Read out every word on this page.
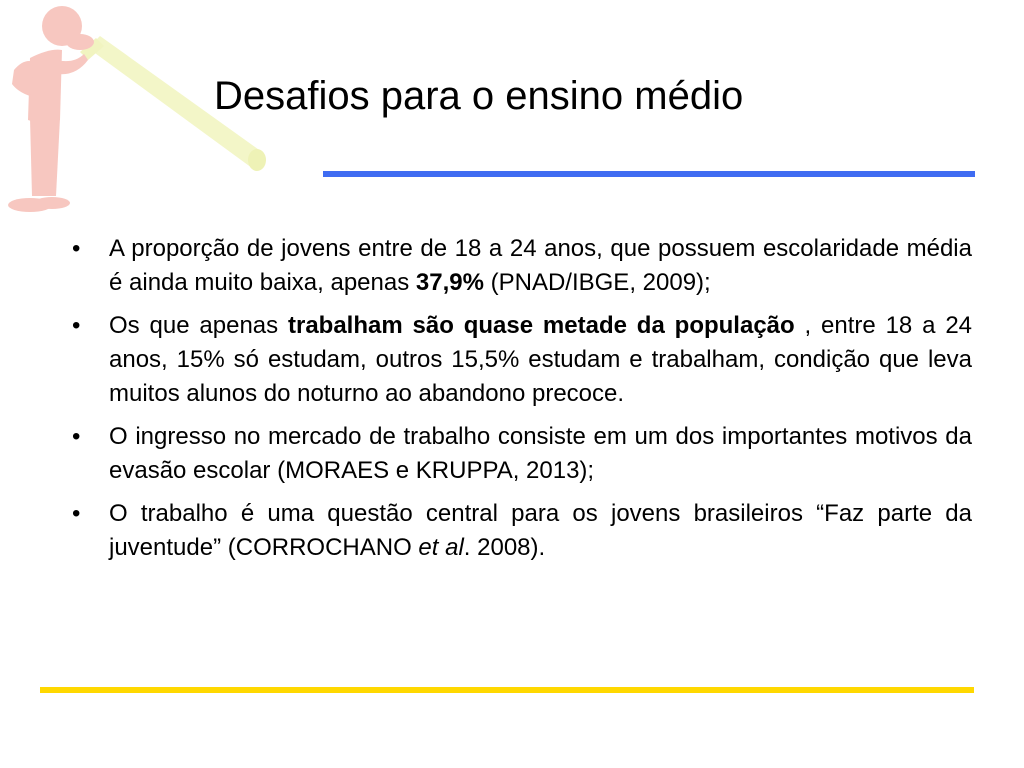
Desafios para o ensino médio
•	A proporção de jovens entre de 18 a 24 anos, que possuem escolaridade média é ainda muito baixa, apenas 37,9% (PNAD/IBGE, 2009);
•	Os que apenas trabalham são quase metade da população , entre 18 a 24 anos, 15% só estudam, outros 15,5% estudam e trabalham, condição que leva muitos alunos do noturno ao abandono precoce.
•	O ingresso no mercado de trabalho consiste em um dos importantes motivos da evasão escolar (MORAES e KRUPPA, 2013);
•	O trabalho é uma questão central para os jovens brasileiros “Faz parte da juventude” (CORROCHANO et al. 2008).
